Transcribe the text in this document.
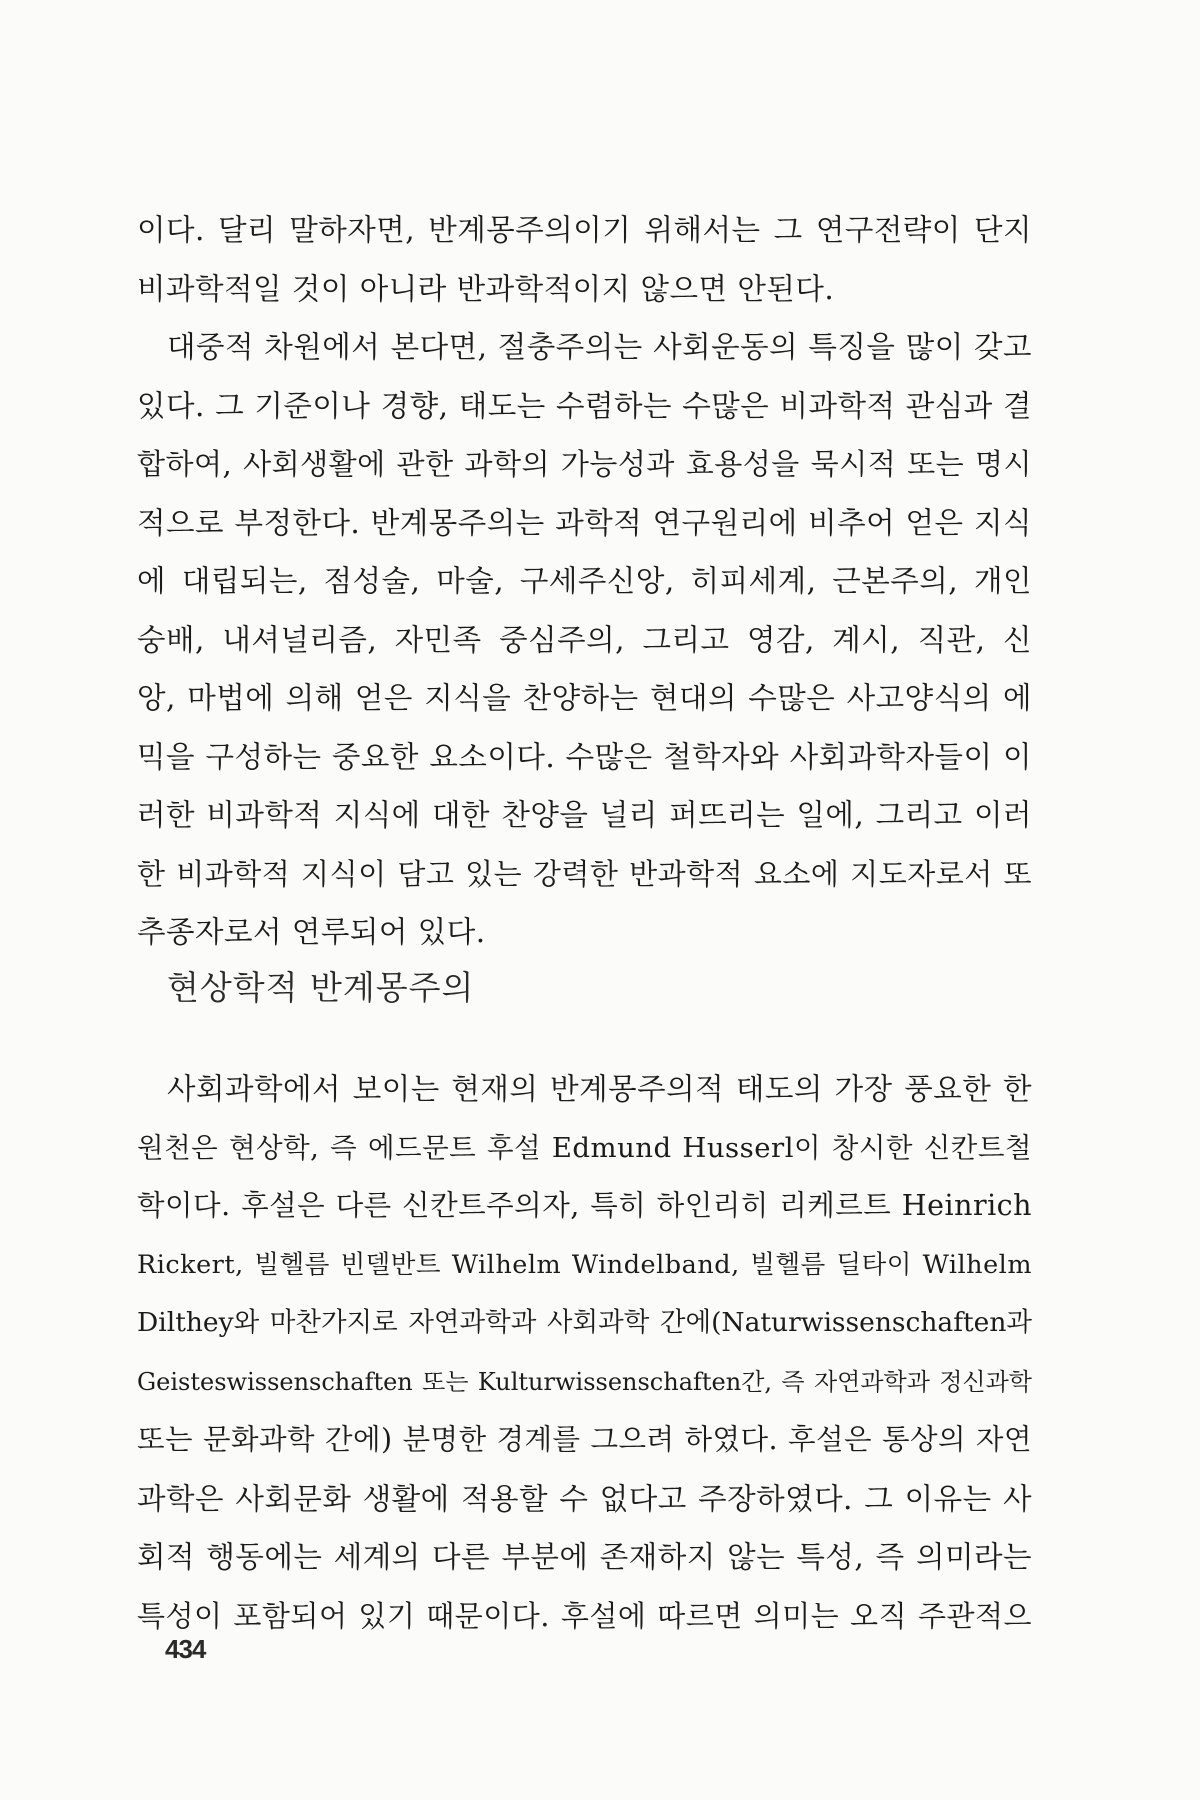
이다. 달리 말하자면, 반계몽주의이기 위해서는 그 연구전략이 단지
비과학적일 것이 아니라 반과학적이지 않으면 안된다.
대중적 차원에서 본다면, 절충주의는 사회운동의 특징을 많이 갖고
있다. 그 기준이나 경향, 태도는 수렴하는 수많은 비과학적 관심과 결
합하여, 사회생활에 관한 과학의 가능성과 효용성을 묵시적 또는 명시
적으로 부정한다. 반계몽주의는 과학적 연구원리에 비추어 얻은 지식
에 대립되는, 점성술, 마술, 구세주신앙, 히피세계, 근본주의, 개인
숭배, 내셔널리즘, 자민족 중심주의, 그리고 영감, 계시, 직관, 신
앙, 마법에 의해 얻은 지식을 찬양하는 현대의 수많은 사고양식의 에
믹을 구성하는 중요한 요소이다. 수많은 철학자와 사회과학자들이 이
러한 비과학적 지식에 대한 찬양을 널리 퍼뜨리는 일에, 그리고 이러
한 비과학적 지식이 담고 있는 강력한 반과학적 요소에 지도자로서 또
추종자로서 연루되어 있다.
현상학적 반계몽주의
사회과학에서 보이는 현재의 반계몽주의적 태도의 가장 풍요한 한
원천은 현상학, 즉 에드문트 후설 Edmund Husserl이 창시한 신칸트철
학이다. 후설은 다른 신칸트주의자, 특히 하인리히 리케르트 Heinrich
Rickert, 빌헬름 빈델반트 Wilhelm Windelband, 빌헬름 딜타이 Wilhelm
Dilthey와 마찬가지로 자연과학과 사회과학 간에(Naturwissenschaften과
Geisteswissenschaften 또는 Kulturwissenschaften간, 즉 자연과학과 정신과학
또는 문화과학 간에) 분명한 경계를 그으려 하였다. 후설은 통상의 자연
과학은 사회문화 생활에 적용할 수 없다고 주장하였다. 그 이유는 사
회적 행동에는 세계의 다른 부분에 존재하지 않는 특성, 즉 의미라는
특성이 포함되어 있기 때문이다. 후설에 따르면 의미는 오직 주관적으
434
